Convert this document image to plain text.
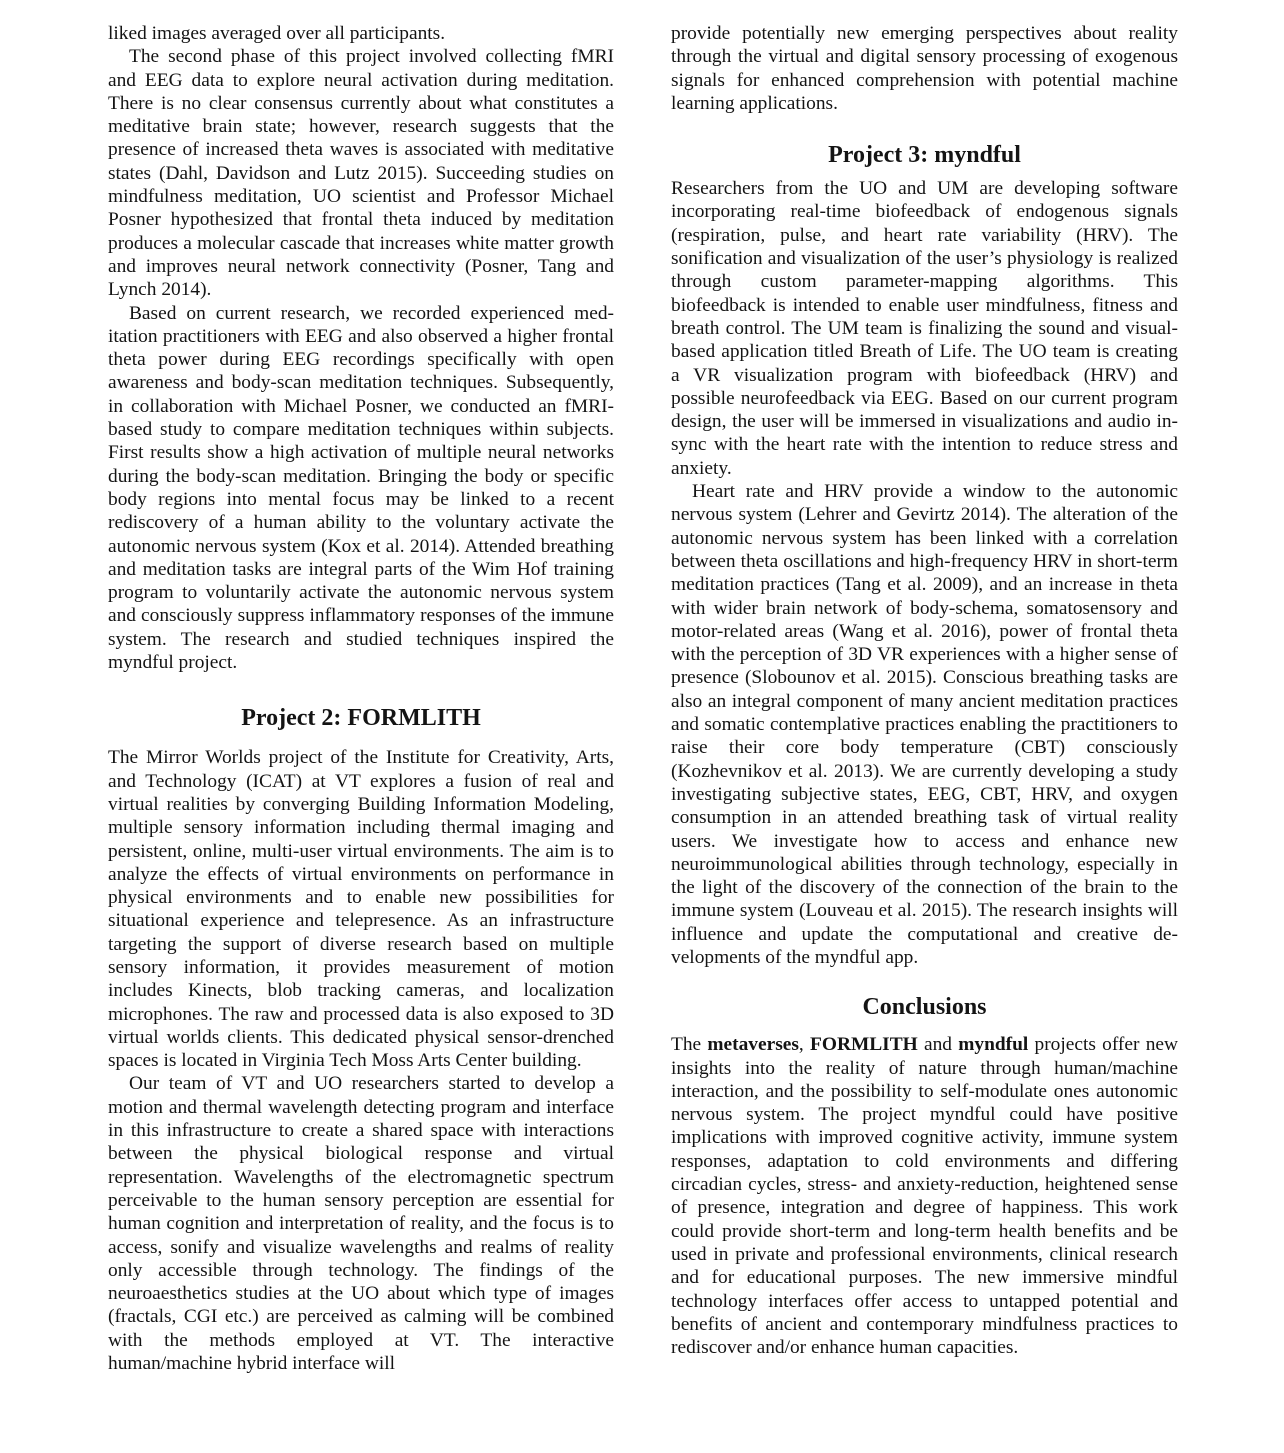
liked images averaged over all participants.

The second phase of this project involved collecting fMRI and EEG data to explore neural activation during meditation. There is no clear consensus currently about what constitutes a meditative brain state; however, research suggests that the presence of increased theta waves is associated with meditative states (Dahl, Davidson and Lutz 2015). Succeeding studies on mindfulness meditation, UO scientist and Professor Michael Posner hypothesized that frontal theta induced by meditation produces a molecular cascade that increases white matter growth and improves neural network connectivity (Posner, Tang and Lynch 2014).

Based on current research, we recorded experienced meditation practitioners with EEG and also observed a higher frontal theta power during EEG recordings specifically with open awareness and body-scan meditation techniques. Subsequently, in collaboration with Michael Posner, we conducted an fMRI- based study to compare meditation techniques within subjects. First results show a high activation of multiple neural networks during the body-scan meditation. Bringing the body or specific body regions into mental focus may be linked to a recent rediscovery of a human ability to the voluntary activate the autonomic nervous system (Kox et al. 2014). Attended breathing and meditation tasks are integral parts of the Wim Hof training program to voluntarily activate the autonomic nervous system and consciously suppress inflammatory responses of the immune system. The research and studied techniques inspired the myndful project.

Project 2: FORMLITH

The Mirror Worlds project of the Institute for Creativity, Arts, and Technology (ICAT) at VT explores a fusion of real and virtual realities by converging Building Information Modeling, multiple sensory information including thermal imaging and persistent, online, multi-user virtual environments. The aim is to analyze the effects of virtual environments on performance in physical environments and to enable new possibilities for situational experience and telepresence. As an infrastructure targeting the support of diverse research based on multiple sensory information, it provides measurement of motion includes Kinects, blob tracking cameras, and localization microphones. The raw and processed data is also exposed to 3D virtual worlds clients. This dedicated physical sensor-drenched spaces is located in Virginia Tech Moss Arts Center building.

Our team of VT and UO researchers started to develop a motion and thermal wavelength detecting program and interface in this infrastructure to create a shared space with interactions between the physical biological response and virtual representation. Wavelengths of the electromagnetic spectrum perceivable to the human sensory perception are essential for human cognition and interpretation of reality, and the focus is to access, sonify and visualize wavelengths and realms of reality only accessible through technology. The findings of the neuroaesthetics studies at the UO about which type of images (fractals, CGI etc.) are perceived as calming will be combined with the methods employed at VT. The interactive human/machine hybrid interface will

provide potentially new emerging perspectives about reality through the virtual and digital sensory processing of exogenous signals for enhanced comprehension with potential machine learning applications.

Project 3: myndful

Researchers from the UO and UM are developing software incorporating real-time biofeedback of endogenous signals (respiration, pulse, and heart rate variability (HRV). The sonification and visualization of the user’s physiology is realized through custom parameter-mapping algorithms. This biofeedback is intended to enable user mindfulness, fitness and breath control. The UM team is finalizing the sound and visual-based application titled Breath of Life. The UO team is creating a VR visualization program with biofeedback (HRV) and possible neurofeedback via EEG. Based on our current program design, the user will be immersed in visualizations and audio in-sync with the heart rate with the intention to reduce stress and anxiety.

Heart rate and HRV provide a window to the autonomic nervous system (Lehrer and Gevirtz 2014). The alteration of the autonomic nervous system has been linked with a correlation between theta oscillations and high-frequency HRV in short-term meditation practices (Tang et al. 2009), and an increase in theta with wider brain network of body-schema, somatosensory and motor-related areas (Wang et al. 2016), power of frontal theta with the perception of 3D VR experiences with a higher sense of presence (Slobounov et al. 2015). Conscious breathing tasks are also an integral component of many ancient meditation practices and somatic contemplative practices enabling the practitioners to raise their core body temperature (CBT) consciously (Kozhevnikov et al. 2013). We are currently developing a study investigating subjective states, EEG, CBT, HRV, and oxygen consumption in an attended breathing task of virtual reality users. We investigate how to access and enhance new neuroimmunological abilities through technology, especially in the light of the discovery of the connection of the brain to the immune system (Louveau et al. 2015). The research insights will influence and update the computational and creative developments of the myndful app.

Conclusions

The metaverses, FORMLITH and myndful projects offer new insights into the reality of nature through human/machine interaction, and the possibility to self-modulate ones autonomic nervous system. The project myndful could have positive implications with improved cognitive activity, immune system responses, adaptation to cold environments and differing circadian cycles, stress- and anxiety-reduction, heightened sense of presence, integration and degree of happiness. This work could provide short-term and long-term health benefits and be used in private and professional environments, clinical research and for educational purposes. The new immersive mindful technology interfaces offer access to untapped potential and benefits of ancient and contemporary mindfulness practices to rediscover and/or enhance human capacities.
